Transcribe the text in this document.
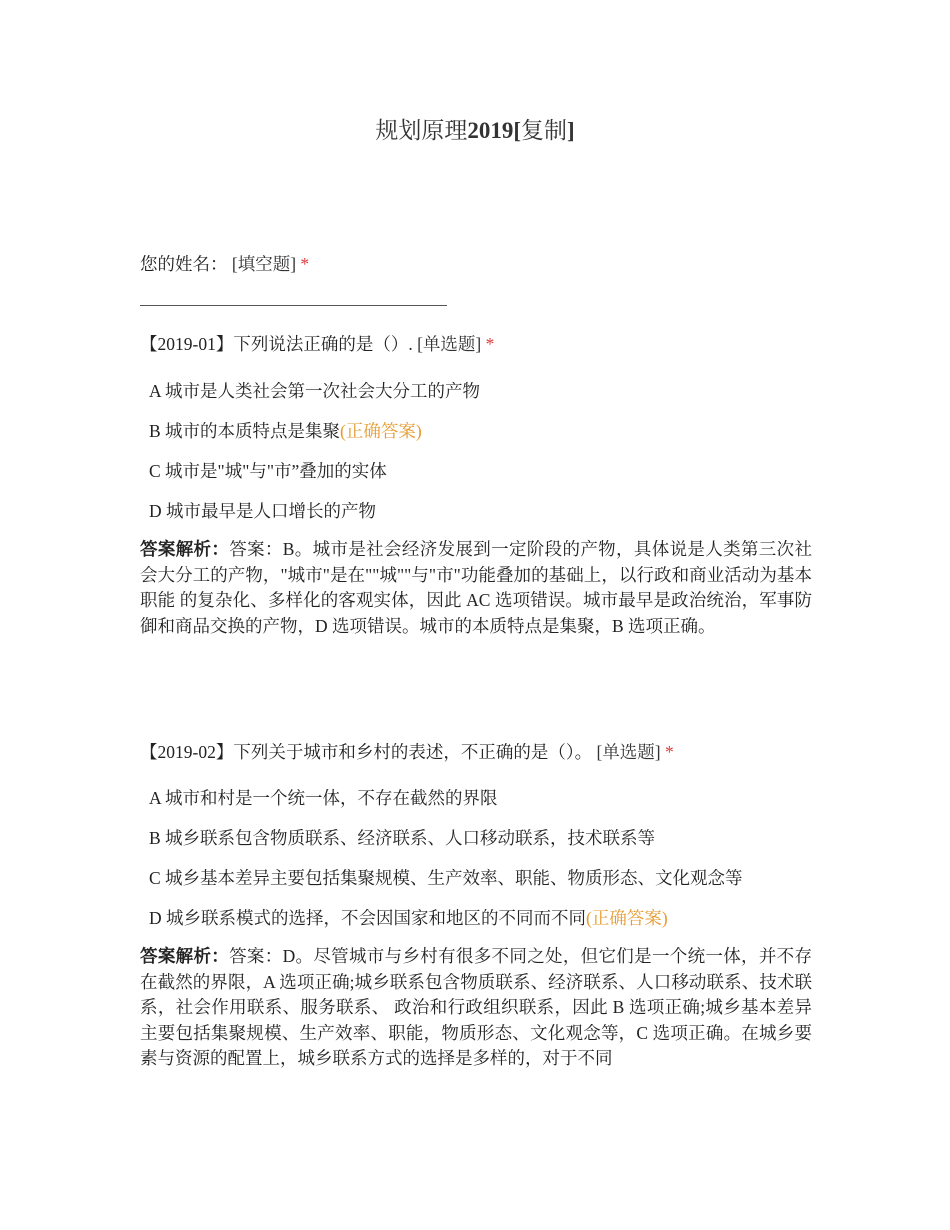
规划原理2019[复制]
您的姓名： [填空题] *
【2019-01】下列说法正确的是（）. [单选题] *
A 城市是人类社会第一次社会大分工的产物
B 城市的本质特点是集聚(正确答案)
C 城市是"城"与"市”叠加的实体
D 城市最早是人口增长的产物
答案解析：答案：B。城市是社会经济发展到一定阶段的产物，具体说是人类第三次社会大分工的产物，"城市"是在""城""与"市"功能叠加的基础上，以行政和商业活动为基本职能 的复杂化、多样化的客观实体，因此 AC 选项错误。城市最早是政治统治，军事防御和商品交换的产物，D 选项错误。城市的本质特点是集聚，B 选项正确。
【2019-02】下列关于城市和乡村的表述，不正确的是（）。 [单选题] *
A 城市和村是一个统一体，不存在截然的界限
B 城乡联系包含物质联系、经济联系、人口移动联系，技术联系等
C 城乡基本差异主要包括集聚规模、生产效率、职能、物质形态、文化观念等
D 城乡联系模式的选择，不会因国家和地区的不同而不同(正确答案)
答案解析：答案：D。尽管城市与乡村有很多不同之处，但它们是一个统一体，并不存在截然的界限，A 选项正确;城乡联系包含物质联系、经济联系、人口移动联系、技术联系，社会作用联系、服务联系、 政治和行政组织联系，因此 B 选项正确;城乡基本差异主要包括集聚规模、生产效率、职能，物质形态、文化观念等，C 选项正确。在城乡要素与资源的配置上，城乡联系方式的选择是多样的，对于不同
